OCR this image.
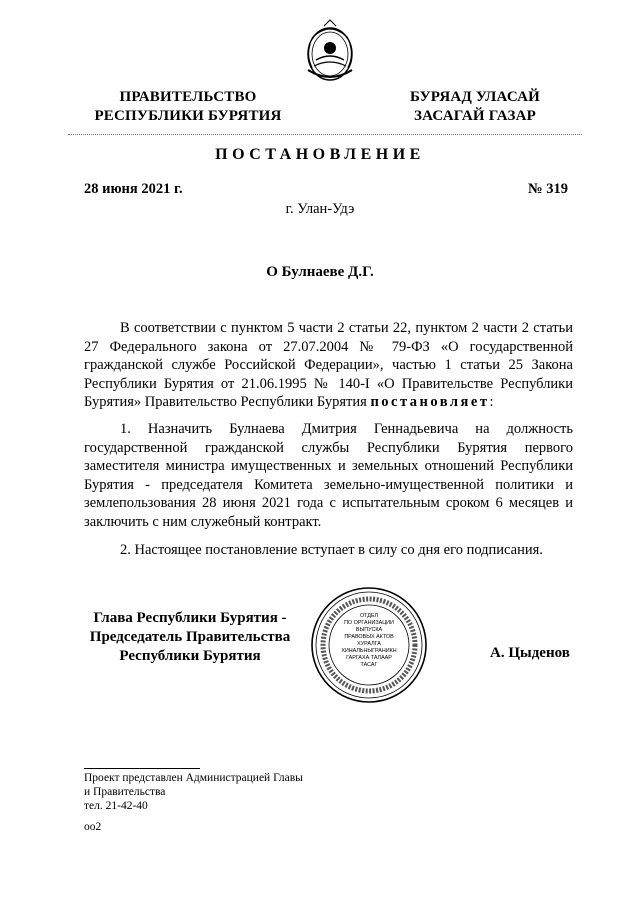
ПРАВИТЕЛЬСТВО
РЕСПУБЛИКИ БУРЯТИЯ
БУРЯАД УЛАСАЙ
ЗАСАГАЙ ГАЗАР
ПОСТАНОВЛЕНИЕ
28 июня 2021 г.	№ 319
г. Улан-Удэ
О Булнаеве Д.Г.
В соответствии с пунктом 5 части 2 статьи 22, пунктом 2 части 2 статьи 27 Федерального закона от 27.07.2004 № 79-ФЗ «О государственной гражданской службе Российской Федерации», частью 1 статьи 25 Закона Республики Бурятия от 21.06.1995 № 140-I «О Правительстве Республики Бурятия» Правительство Республики Бурятия постановляет:
1. Назначить Булнаева Дмитрия Геннадьевича на должность государственной гражданской службы Республики Бурятия первого заместителя министра имущественных и земельных отношений Республики Бурятия - председателя Комитета земельно-имущественной политики и землепользования 28 июня 2021 года с испытательным сроком 6 месяцев и заключить с ним служебный контракт.
2. Настоящее постановление вступает в силу со дня его подписания.
Глава Республики Бурятия -
Председатель Правительства
Республики Бурятия
ОТДЕЛ
ПО ОРГАНИЗАЦИИ
ВЫПУСКА
ПРАВОВЫХ АКТОВ
ХУРАЛГА
ХИНАЛЬНЫГРАНИКН
ГАРГАХА ТАЛААР
ТАСАГ
А. Цыденов
Проект представлен Администрацией Главы
и Правительства
тел. 21-42-40
оо2
